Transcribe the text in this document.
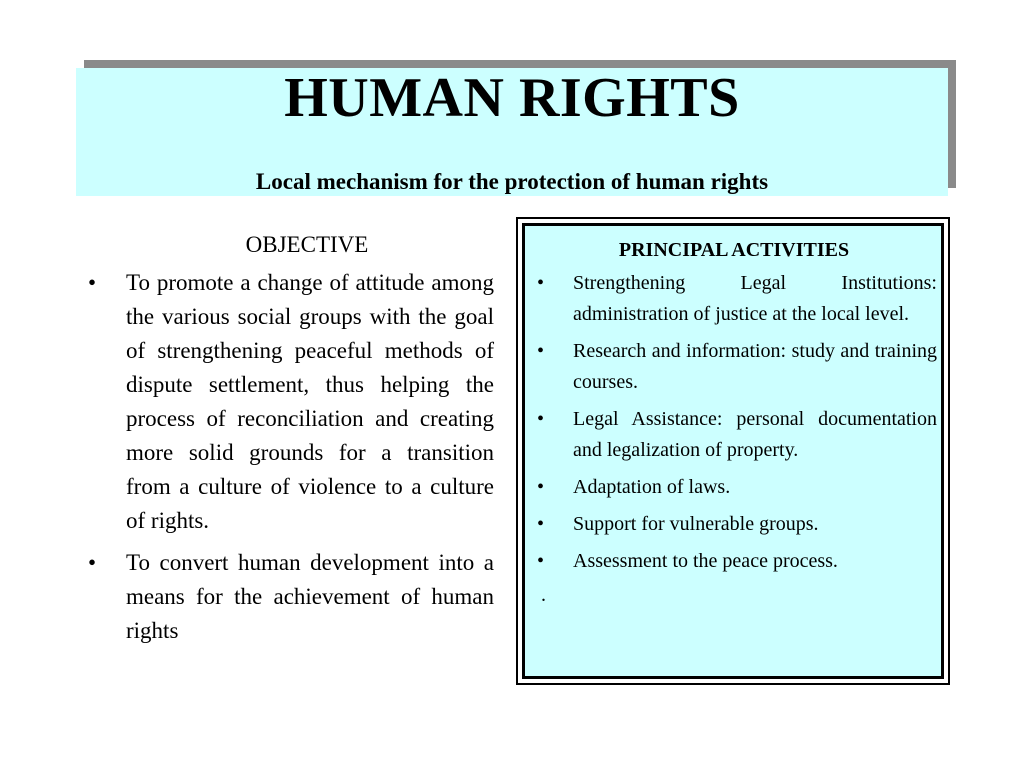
HUMAN RIGHTS
Local mechanism for the protection of human rights
OBJECTIVE
• To promote a change of attitude among the various social groups with the goal of strengthening peaceful methods of dispute settlement, thus helping the process of reconciliation and creating more solid grounds for a transition from a culture of violence to a culture of rights.
• To convert human development into a means for the achievement of human rights
PRINCIPAL ACTIVITIES
• Strengthening Legal Institutions: administration of justice at the local level.
• Research and information: study and training courses.
• Legal Assistance: personal documentation and legalization of property.
• Adaptation of laws.
• Support for vulnerable groups.
• Assessment to the peace process.
.
